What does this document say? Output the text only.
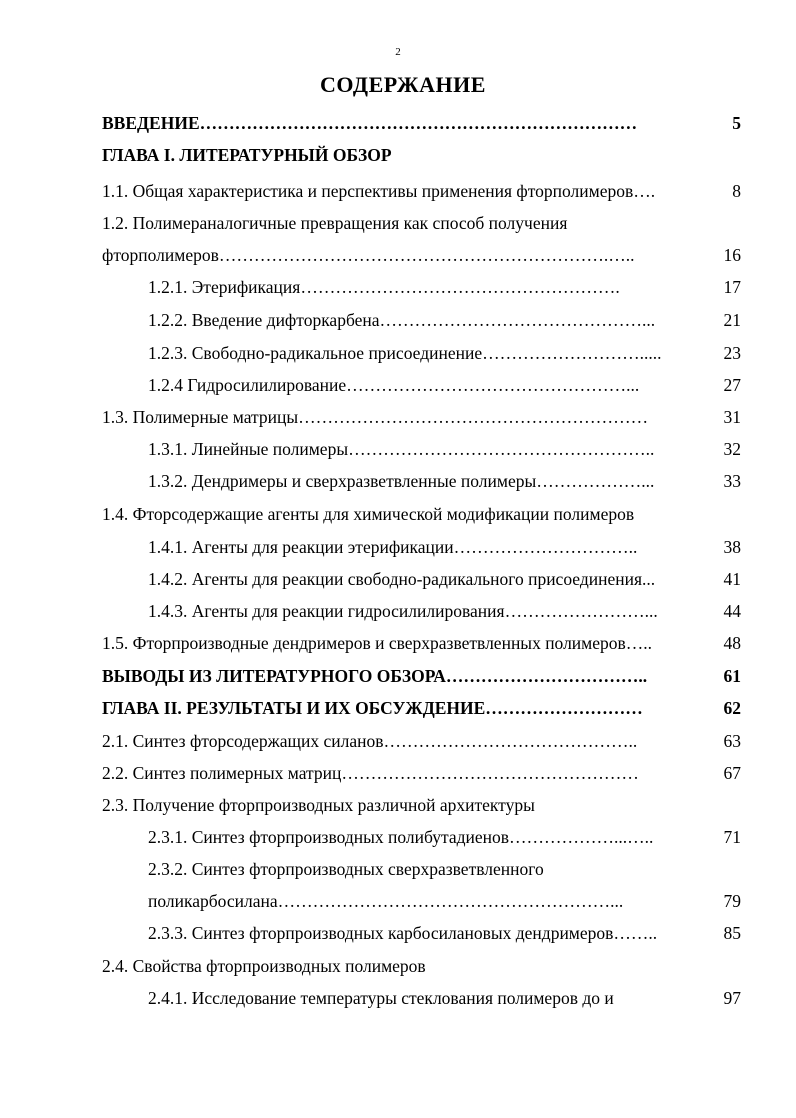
2
СОДЕРЖАНИЕ
ВВЕДЕНИЕ…………………………………………………………………	5
ГЛАВА I. ЛИТЕРАТУРНЫЙ ОБЗОР
1.1. Общая характеристика и перспективы применения фторполимеров….	8
1.2. Полимераналогичные превращения как способ получения
фторполимеров………………………………………………………….…..	16
1.2.1. Этерификация……………………………………………….	17
1.2.2. Введение дифторкарбена………………………………………...	21
1.2.3. Свободно-радикальное присоединение……………………….....	23
1.2.4 Гидросилилирование…………………………………………...	27
1.3. Полимерные матрицы……………………………………………………	31
1.3.1. Линейные полимеры……………………………………………..	32
1.3.2. Дендримеры и сверхразветвленные полимеры………………...	33
1.4. Фторсодержащие агенты для химической модификации полимеров
1.4.1. Агенты для реакции этерификации…………………………..	38
1.4.2. Агенты для реакции свободно-радикального присоединения...	41
1.4.3. Агенты для реакции гидросилилирования……………………...	44
1.5. Фторпроизводные дендримеров и сверхразветвленных полимеров…..	48
ВЫВОДЫ ИЗ ЛИТЕРАТУРНОГО ОБЗОРА……………………………..	61
ГЛАВА II. РЕЗУЛЬТАТЫ И ИХ ОБСУЖДЕНИЕ………………………	62
2.1. Синтез фторсодержащих силанов……………………………………..	63
2.2. Синтез полимерных матриц……………………………………………	67
2.3. Получение фторпроизводных различной архитектуры
2.3.1. Синтез фторпроизводных полибутадиенов………………...…..	71
2.3.2. Синтез фторпроизводных сверхразветвленного
поликарбосилана…………………………………………………...	79
2.3.3. Синтез фторпроизводных карбосилановых дендримеров……..	85
2.4. Свойства фторпроизводных полимеров
2.4.1. Исследование температуры стеклования полимеров до и	97
